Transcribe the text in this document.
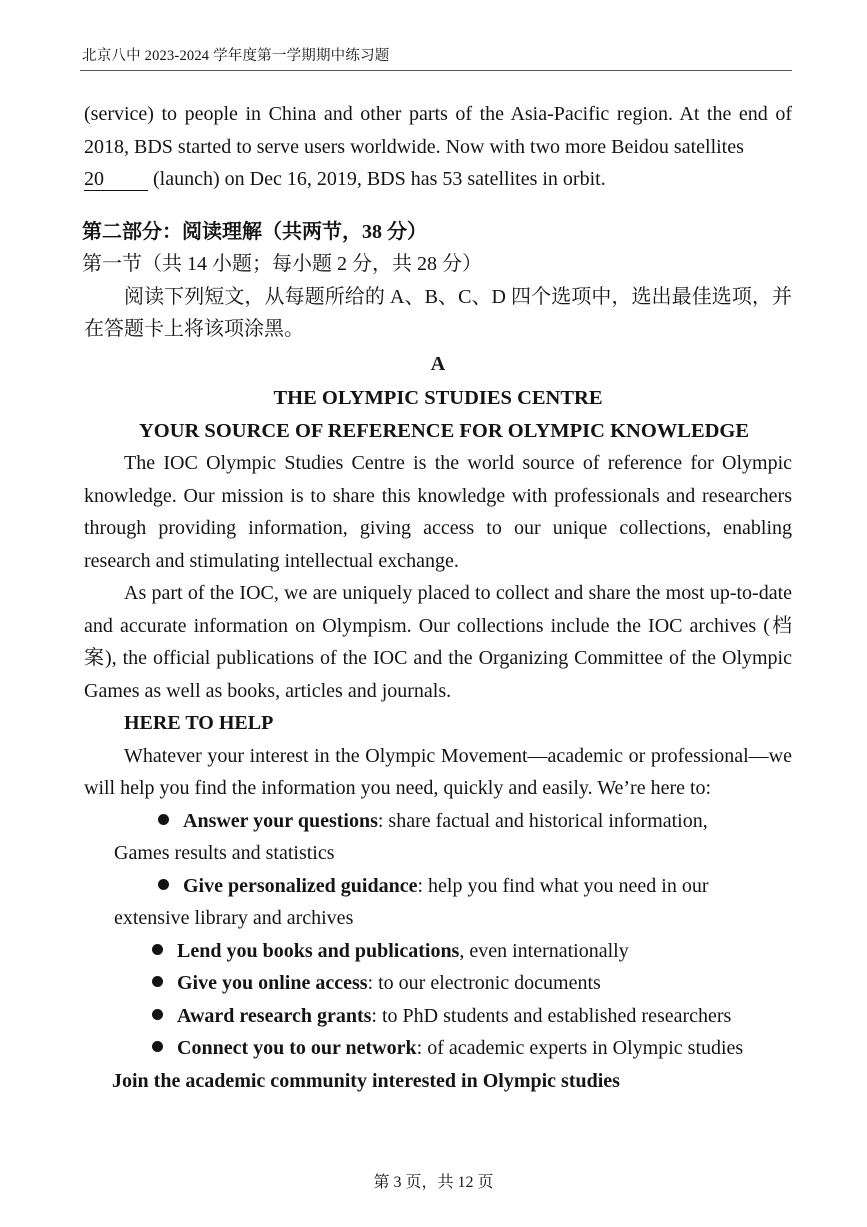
北京八中 2023-2024 学年度第一学期期中练习题

(service) to people in China and other parts of the Asia-Pacific region. At the end of 2018, BDS started to serve users worldwide. Now with two more Beidou satellites
20 (launch) on Dec 16, 2019, BDS has 53 satellites in orbit.

第二部分：阅读理解（共两节，38 分）
第一节（共 14 小题；每小题 2 分，共 28 分）

阅读下列短文，从每题所给的 A、B、C、D 四个选项中，选出最佳选项，并在答题卡上将该项涂黑。

A
THE OLYMPIC STUDIES CENTRE
YOUR SOURCE OF REFERENCE FOR OLYMPIC KNOWLEDGE

The IOC Olympic Studies Centre is the world source of reference for Olympic knowledge. Our mission is to share this knowledge with professionals and researchers through providing information, giving access to our unique collections, enabling research and stimulating intellectual exchange.

As part of the IOC, we are uniquely placed to collect and share the most up-to-date and accurate information on Olympism. Our collections include the IOC archives (档案), the official publications of the IOC and the Organizing Committee of the Olympic Games as well as books, articles and journals.

HERE TO HELP

Whatever your interest in the Olympic Movement—academic or professional—we will help you find the information you need, quickly and easily. We’re here to:

Answer your questions: share factual and historical information,
Games results and statistics
Give personalized guidance: help you find what you need in our
extensive library and archives
Lend you books and publications, even internationally
Give you online access: to our electronic documents
Award research grants: to PhD students and established researchers
Connect you to our network: of academic experts in Olympic studies
Join the academic community interested in Olympic studies
第 3 页，共 12 页
